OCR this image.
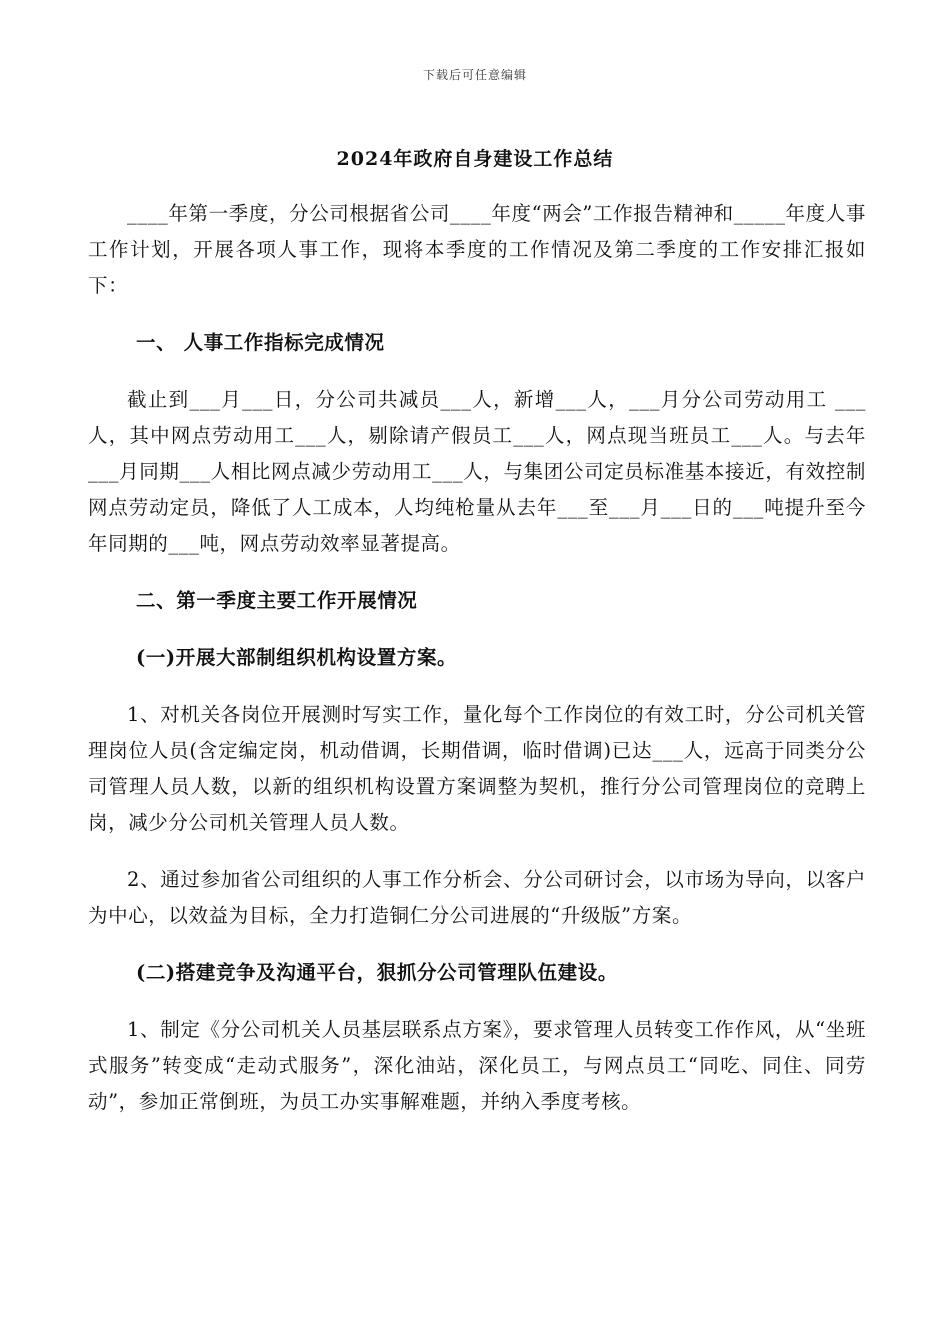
下载后可任意编辑
2024年政府自身建设工作总结

____年第一季度，分公司根据省公司____年度“两会”工作报告精神和_____年度人事工作计划，开展各项人事工作，现将本季度的工作情况及第二季度的工作安排汇报如下：

一、 人事工作指标完成情况

截止到___月___日，分公司共减员___人，新增___人，___月分公司劳动用工 ___人，其中网点劳动用工___人，剔除请产假员工___人，网点现当班员工___人。与去年___月同期___人相比网点减少劳动用工___人，与集团公司定员标准基本接近，有效控制网点劳动定员，降低了人工成本，人均纯枪量从去年___至___月___日的___吨提升至今年同期的___吨，网点劳动效率显著提高。

二、第一季度主要工作开展情况
(一)开展大部制组织机构设置方案。

1、对机关各岗位开展测时写实工作，量化每个工作岗位的有效工时，分公司机关管理岗位人员(含定编定岗，机动借调，长期借调，临时借调)已达___人，远高于同类分公司管理人员人数，以新的组织机构设置方案调整为契机，推行分公司管理岗位的竞聘上岗，减少分公司机关管理人员人数。

2、通过参加省公司组织的人事工作分析会、分公司研讨会，以市场为导向，以客户为中心，以效益为目标，全力打造铜仁分公司进展的“升级版”方案。

(二)搭建竞争及沟通平台，狠抓分公司管理队伍建设。

1、制定《分公司机关人员基层联系点方案》，要求管理人员转变工作作风，从“坐班式服务”转变成“走动式服务”，深化油站，深化员工，与网点员工“同吃、同住、同劳动”，参加正常倒班，为员工办实事解难题，并纳入季度考核。
